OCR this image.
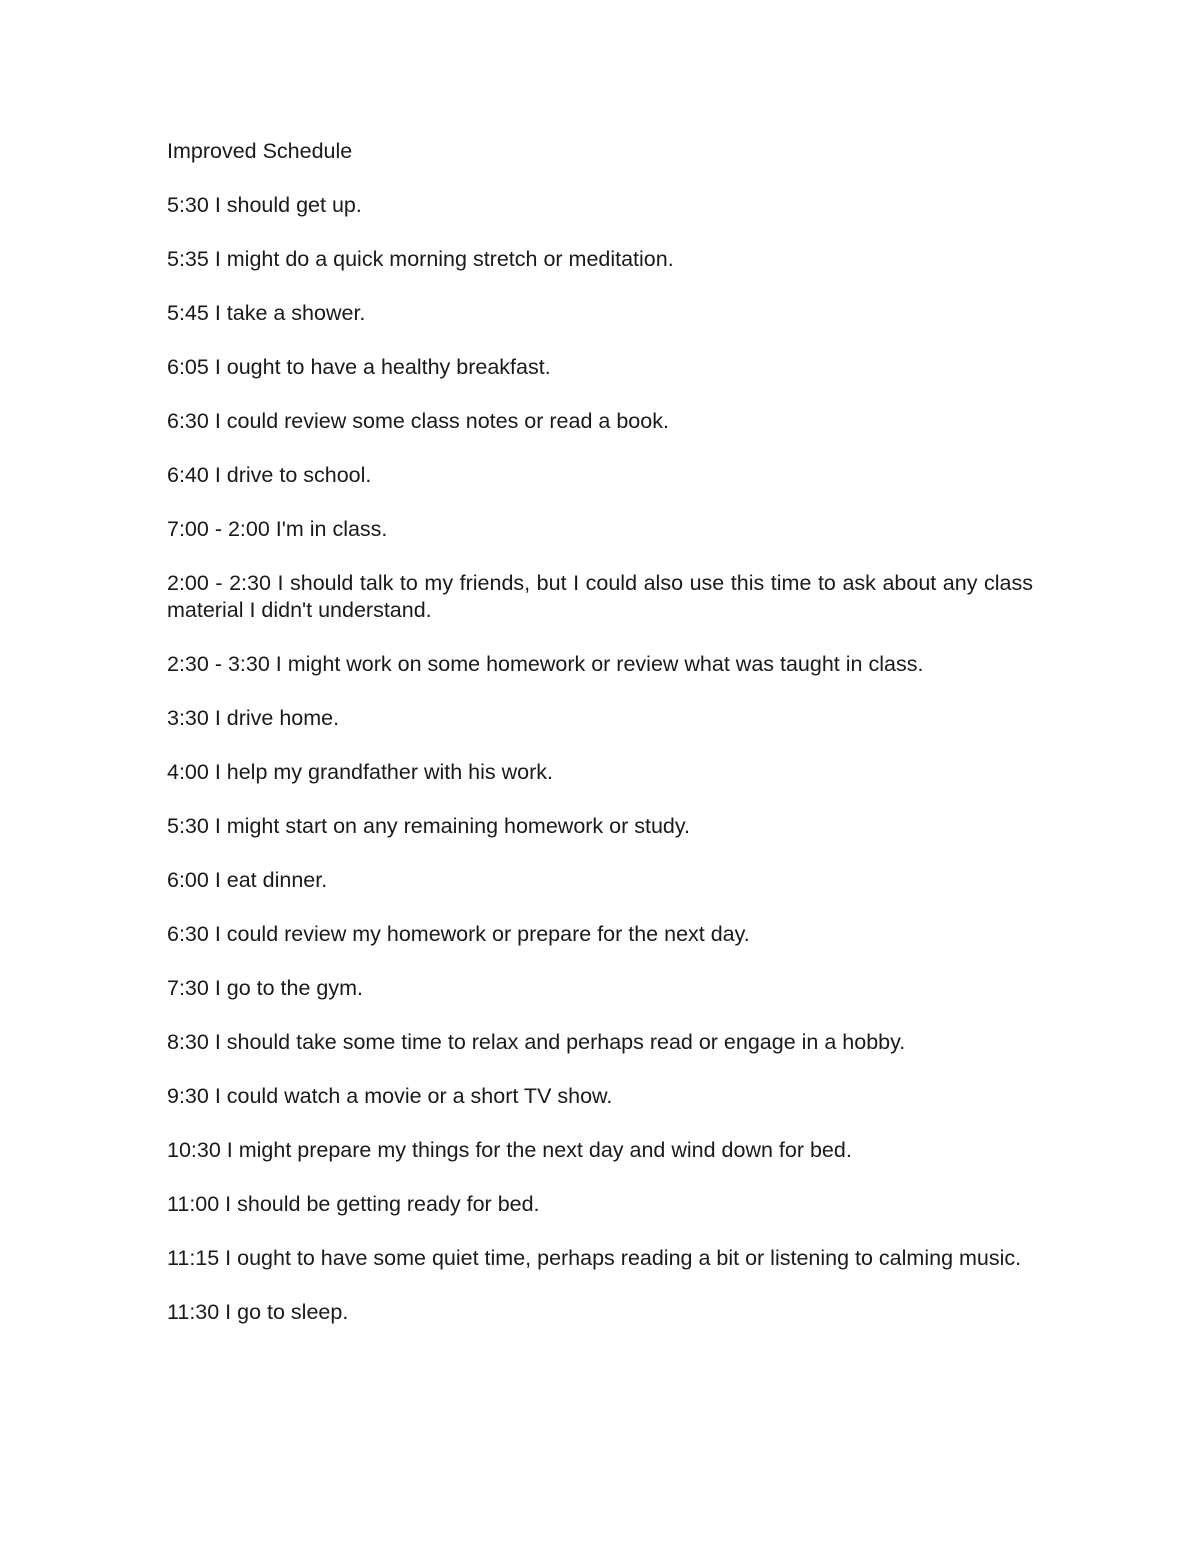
Improved Schedule

5:30 I should get up.

5:35 I might do a quick morning stretch or meditation.

5:45 I take a shower.

6:05 I ought to have a healthy breakfast.

6:30 I could review some class notes or read a book.

6:40 I drive to school.

7:00 - 2:00 I'm in class.

2:00 - 2:30 I should talk to my friends, but I could also use this time to ask about any class material I didn't understand.

2:30 - 3:30 I might work on some homework or review what was taught in class.

3:30 I drive home.

4:00 I help my grandfather with his work.

5:30 I might start on any remaining homework or study.

6:00 I eat dinner.

6:30 I could review my homework or prepare for the next day.

7:30 I go to the gym.

8:30 I should take some time to relax and perhaps read or engage in a hobby.

9:30 I could watch a movie or a short TV show.

10:30 I might prepare my things for the next day and wind down for bed.

11:00 I should be getting ready for bed.

11:15 I ought to have some quiet time, perhaps reading a bit or listening to calming music.

11:30 I go to sleep.
